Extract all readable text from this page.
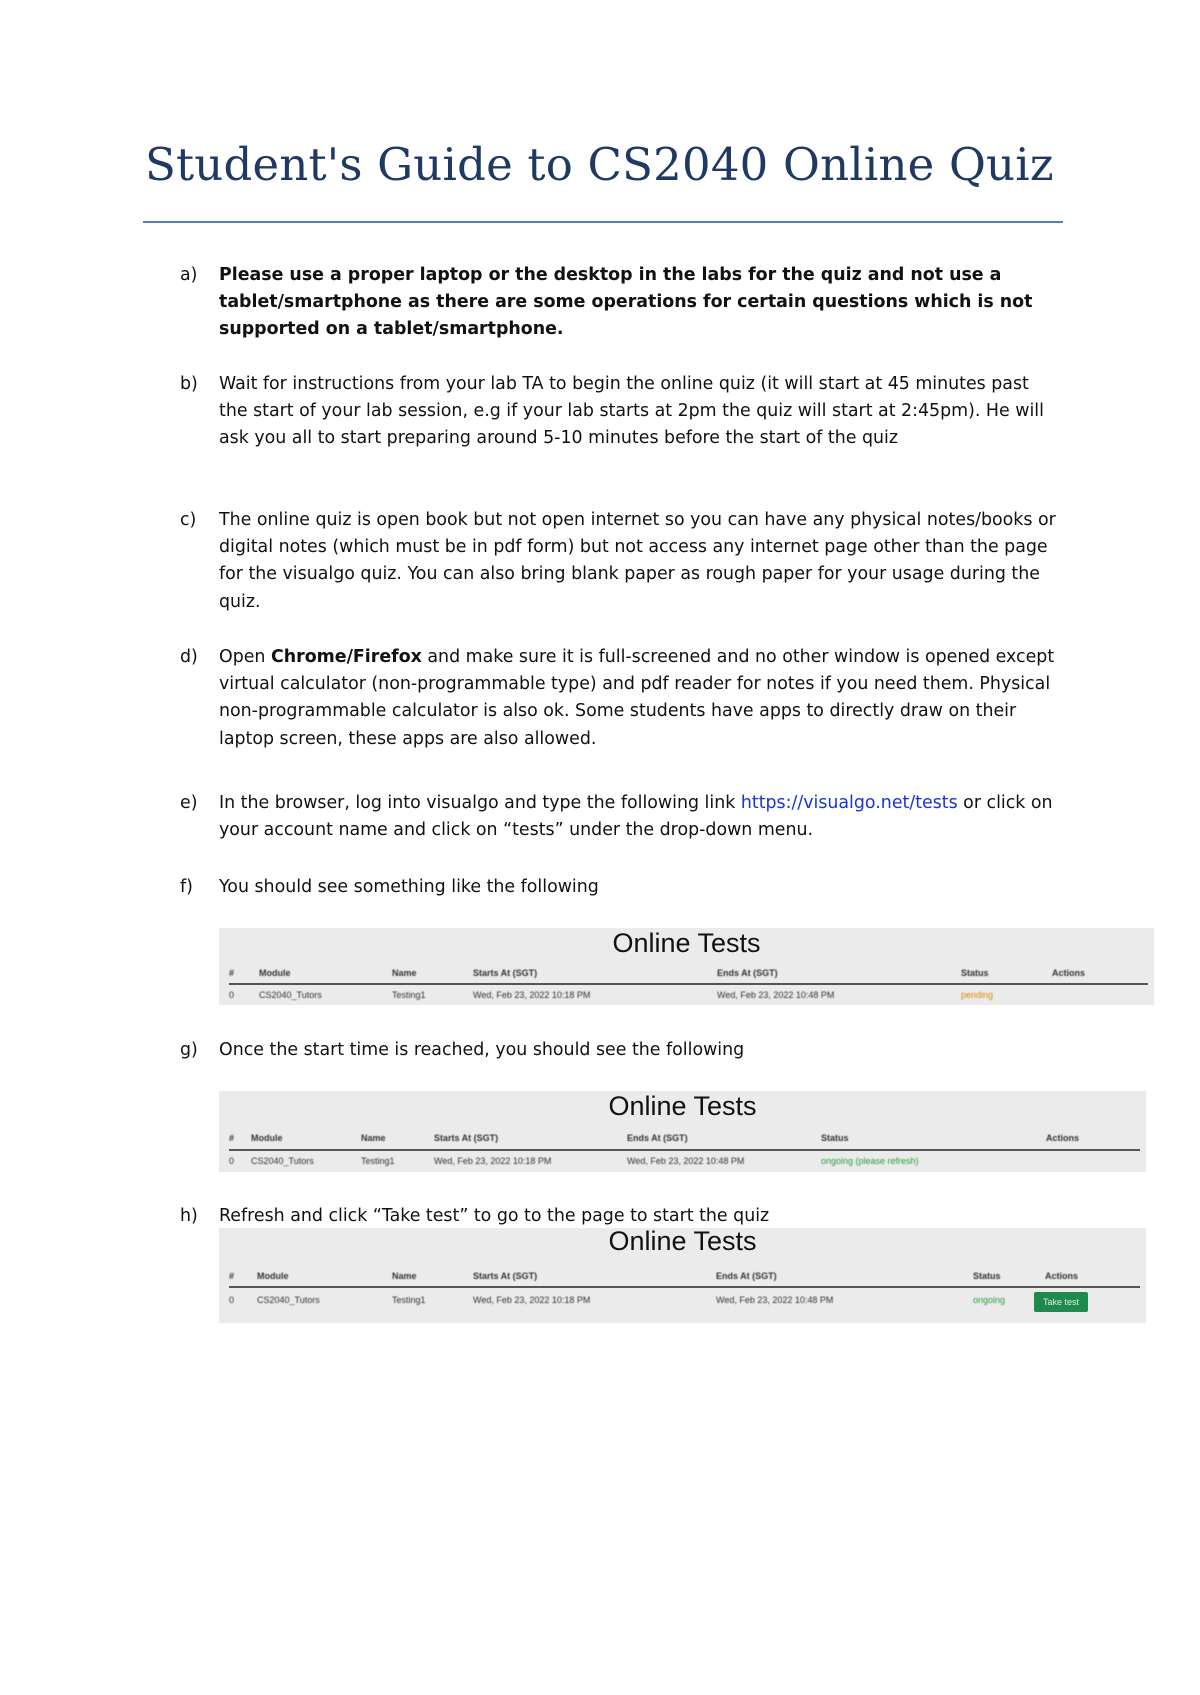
Student's Guide to CS2040 Online Quiz
a) Please use a proper laptop or the desktop in the labs for the quiz and not use a tablet/smartphone as there are some operations for certain questions which is not supported on a tablet/smartphone.
b) Wait for instructions from your lab TA to begin the online quiz (it will start at 45 minutes past the start of your lab session, e.g if your lab starts at 2pm the quiz will start at 2:45pm). He will ask you all to start preparing around 5-10 minutes before the start of the quiz
c) The online quiz is open book but not open internet so you can have any physical notes/books or digital notes (which must be in pdf form) but not access any internet page other than the page for the visualgo quiz. You can also bring blank paper as rough paper for your usage during the quiz.
d) Open Chrome/Firefox and make sure it is full-screened and no other window is opened except virtual calculator (non-programmable type) and pdf reader for notes if you need them. Physical non-programmable calculator is also ok. Some students have apps to directly draw on their laptop screen, these apps are also allowed.
e) In the browser, log into visualgo and type the following link https://visualgo.net/tests or click on your account name and click on “tests” under the drop-down menu.
f) You should see something like the following
Online Tests
#	Module	Name	Starts At (SGT)	Ends At (SGT)	Status	Actions
0	CS2040_Tutors	Testing1	Wed, Feb 23, 2022 10:18 PM	Wed, Feb 23, 2022 10:48 PM	pending
g) Once the start time is reached, you should see the following
Online Tests
# Module	Name	Starts At (SGT)	Ends At (SGT)	Status	Actions
0 CS2040_Tutors	Testing1	Wed, Feb 23, 2022 10:18 PM	Wed, Feb 23, 2022 10:48 PM	ongoing (please refresh)
h) Refresh and click “Take test” to go to the page to start the quiz
Online Tests
#	Module	Name	Starts At (SGT)	Ends At (SGT)	Status	Actions
0	CS2040_Tutors	Testing1	Wed, Feb 23, 2022 10:18 PM	Wed, Feb 23, 2022 10:48 PM	ongoing	Take test
